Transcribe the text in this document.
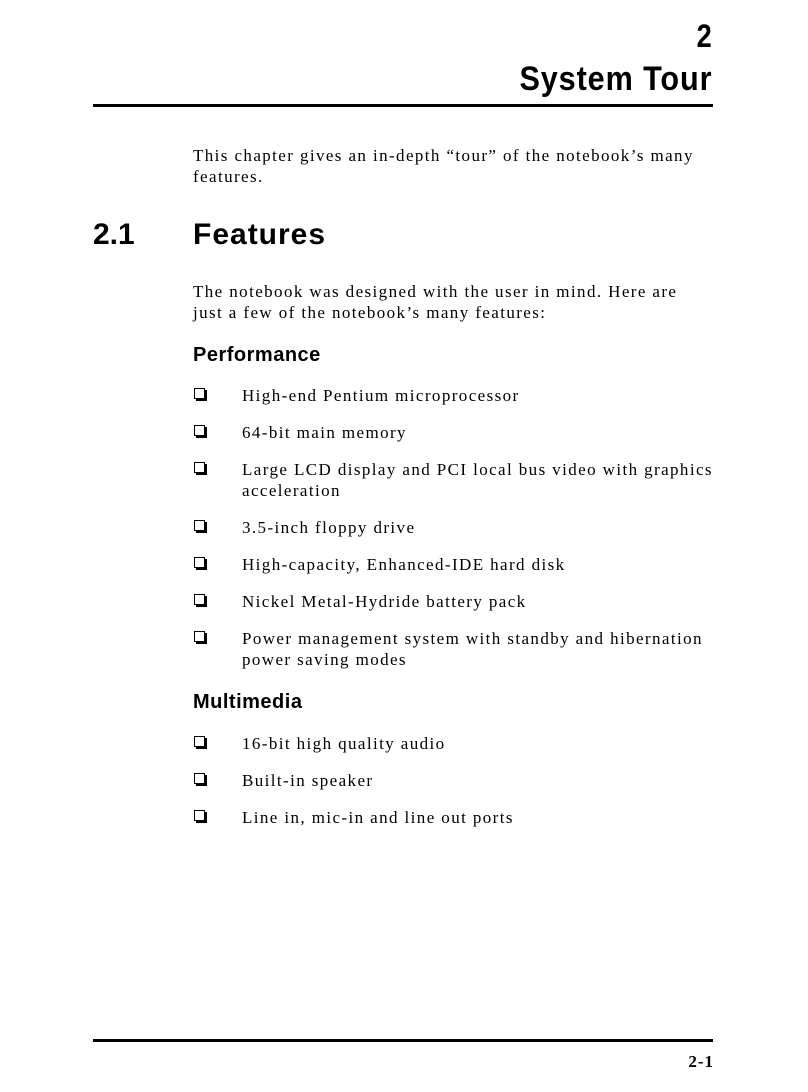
2
System Tour
This chapter gives an in-depth “tour” of the notebook’s many features.
2.1 Features
The notebook was designed with the user in mind. Here are just a few of the notebook’s many features:
Performance
High-end Pentium microprocessor
64-bit main memory
Large LCD display and PCI local bus video with graphics acceleration
3.5-inch floppy drive
High-capacity, Enhanced-IDE hard disk
Nickel Metal-Hydride battery pack
Power management system with standby and hibernation power saving modes
Multimedia
16-bit high quality audio
Built-in speaker
Line in, mic-in and line out ports
2-1
